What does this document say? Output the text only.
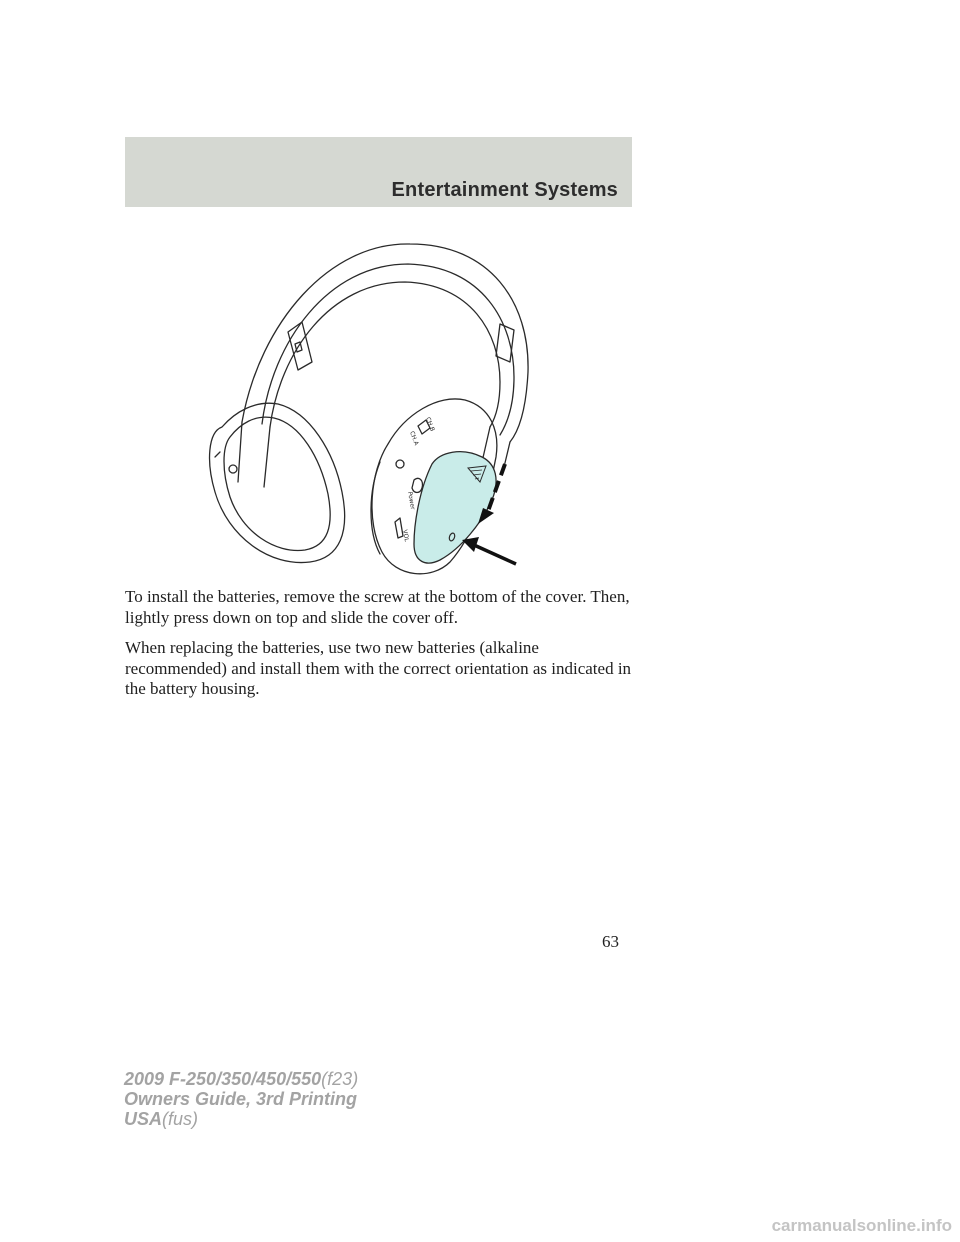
Entertainment Systems
CH.B
CH.A
Power
VOL

To install the batteries, remove the screw at the bottom of the cover. Then, lightly press down on top and slide the cover off.

When replacing the batteries, use two new batteries (alkaline recommended) and install them with the correct orientation as indicated in the battery housing.

63
2009 F-250/350/450/550(f23)
Owners Guide, 3rd Printing
USA(fus)
carmanualsonline.info
